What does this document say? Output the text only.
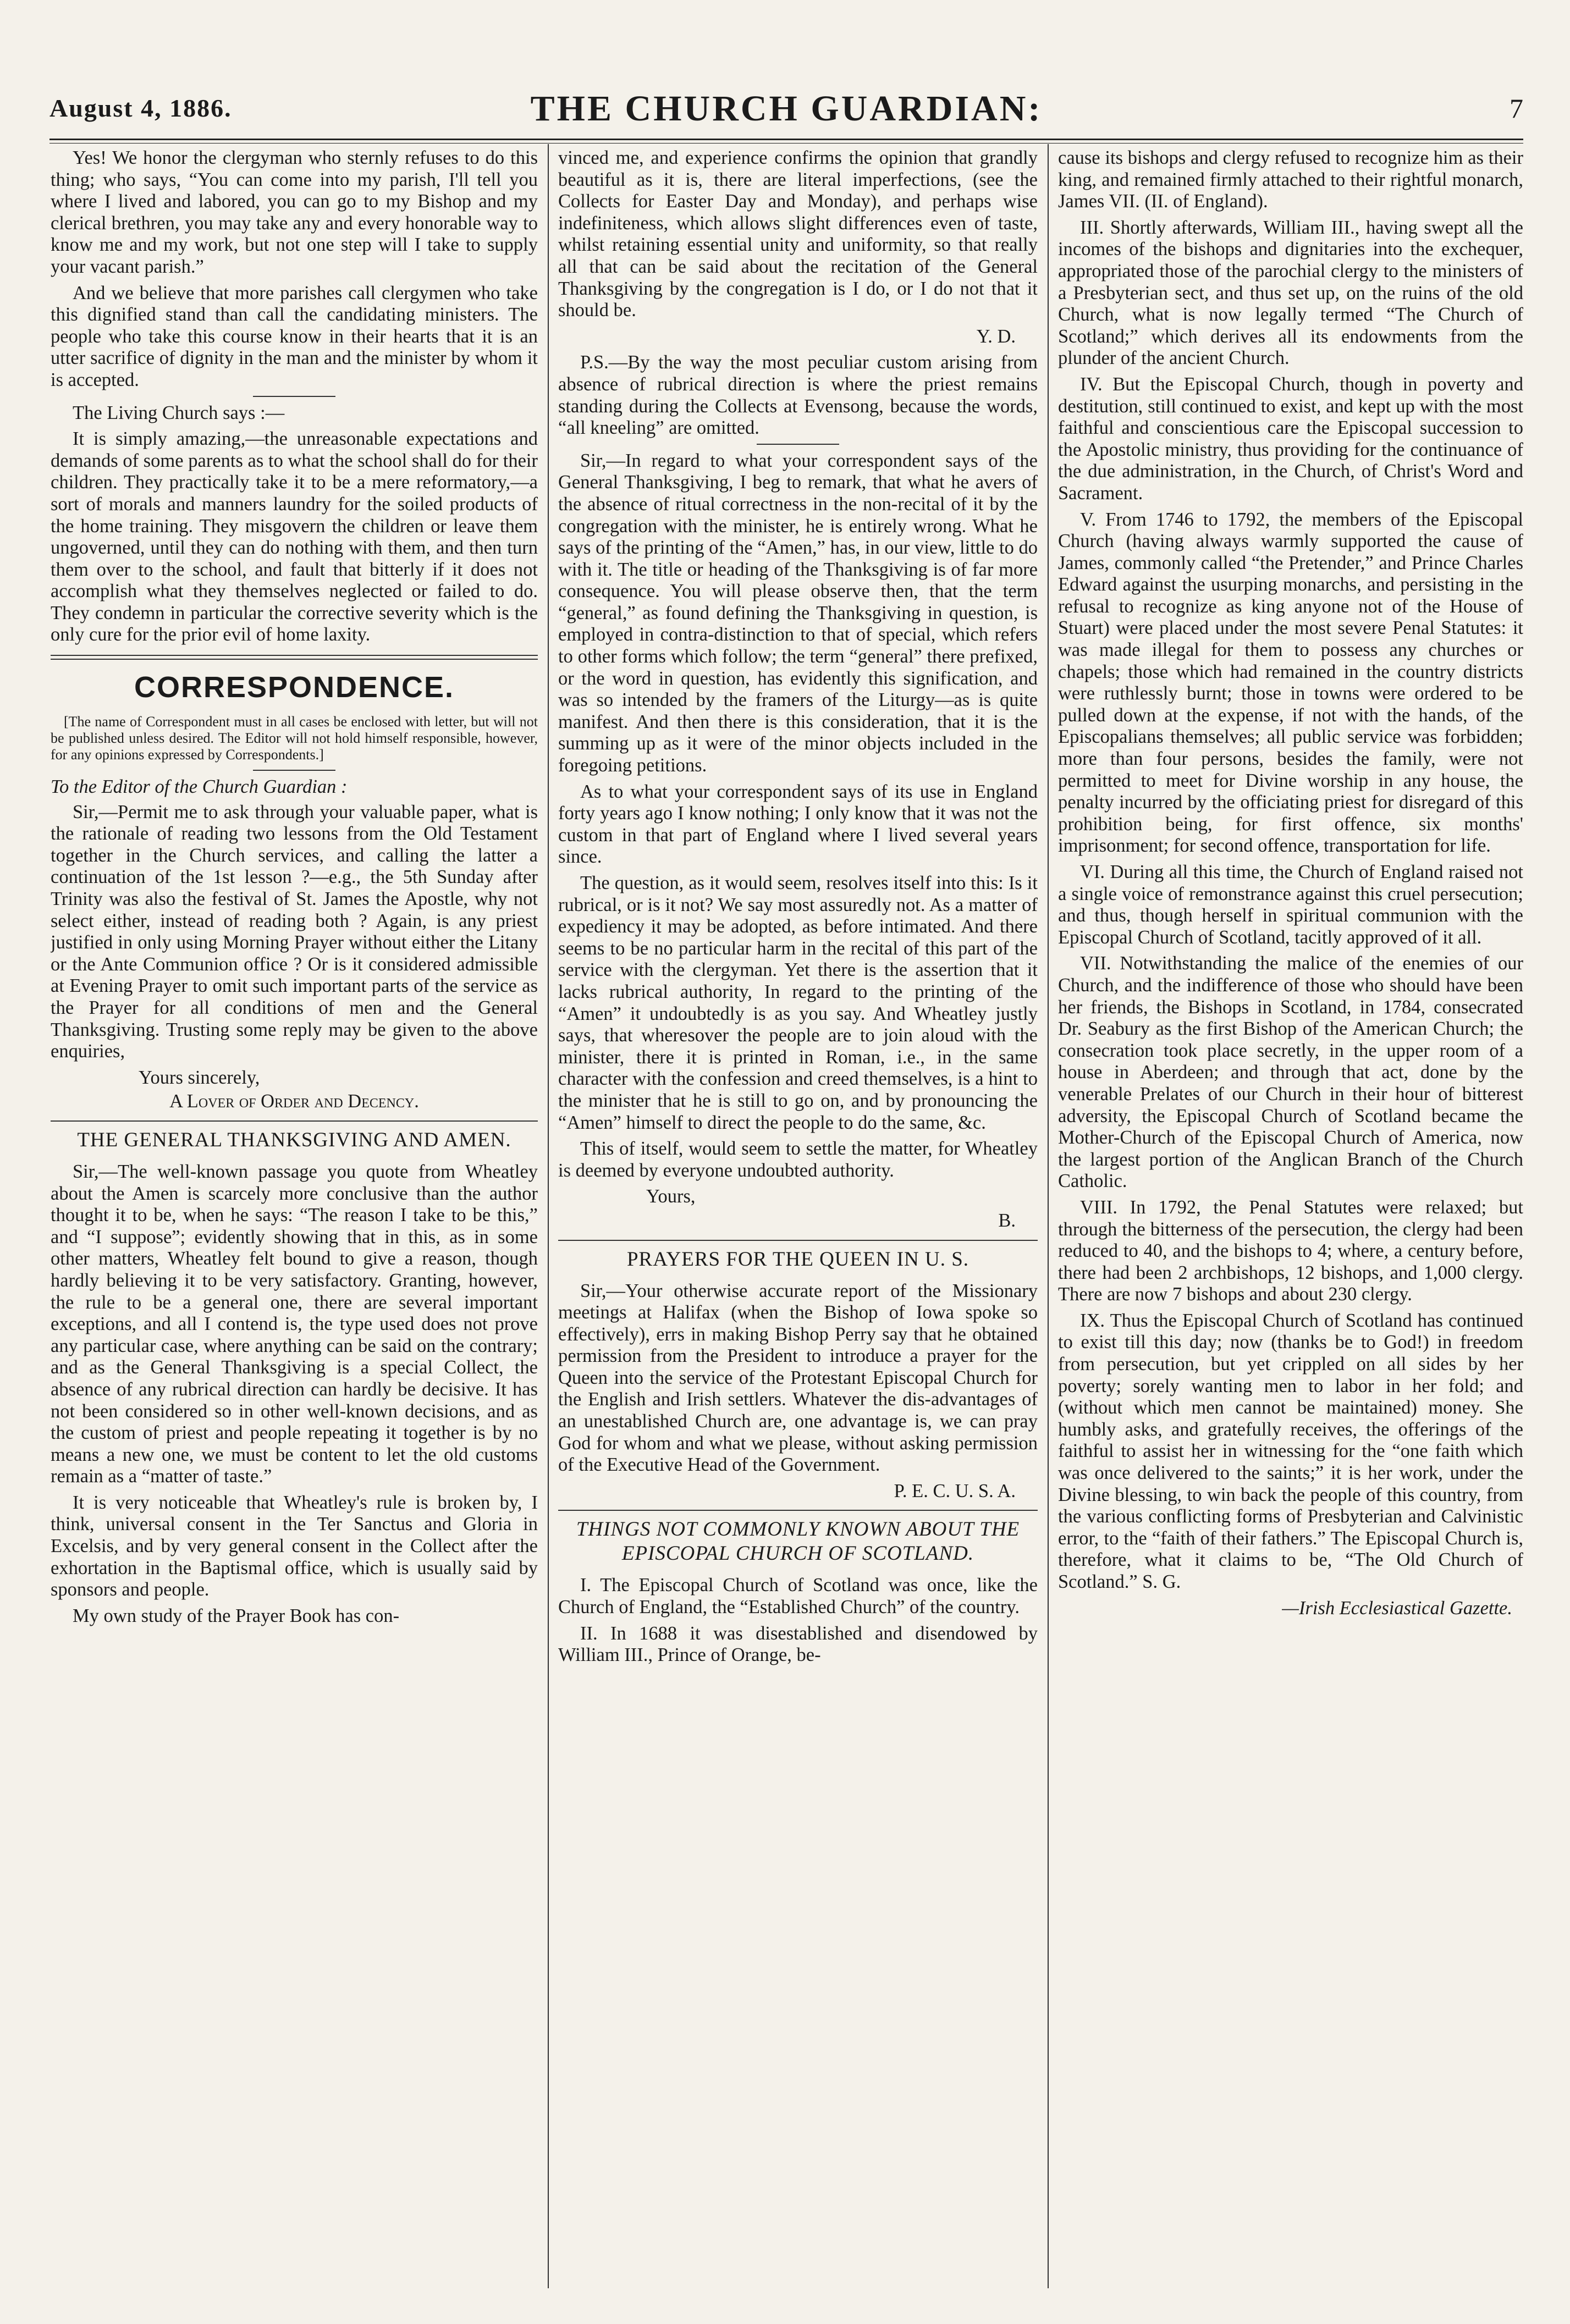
August 4, 1886.	THE CHURCH GUARDIAN:	7

Yes! We honor the clergyman who sternly refuses to do this thing; who says, “You can come into my parish, I'll tell you where I lived and labored, you can go to my Bishop and my clerical brethren, you may take any and every honorable way to know me and my work, but not one step will I take to supply your vacant parish.”

And we believe that more parishes call clergymen who take this dignified stand than call the candidating ministers. The people who take this course know in their hearts that it is an utter sacrifice of dignity in the man and the minister by whom it is accepted.

The Living Church says :—

It is simply amazing,—the unreasonable expectations and demands of some parents as to what the school shall do for their children. They practically take it to be a mere reformatory,—a sort of morals and manners laundry for the soiled products of the home training. They misgovern the children or leave them ungoverned, until they can do nothing with them, and then turn them over to the school, and fault that bitterly if it does not accomplish what they themselves neglected or failed to do. They condemn in particular the corrective severity which is the only cure for the prior evil of home laxity.

CORRESPONDENCE.

[The name of Correspondent must in all cases be enclosed with letter, but will not be published unless desired. The Editor will not hold himself responsible, however, for any opinions expressed by Correspondents.]

To the Editor of the Church Guardian :

Sir,—Permit me to ask through your valuable paper, what is the rationale of reading two lessons from the Old Testament together in the Church services, and calling the latter a continuation of the 1st lesson ?—e.g., the 5th Sunday after Trinity was also the festival of St. James the Apostle, why not select either, instead of reading both ? Again, is any priest justified in only using Morning Prayer without either the Litany or the Ante Communion office ? Or is it considered admissible at Evening Prayer to omit such important parts of the service as the Prayer for all conditions of men and the General Thanksgiving. Trusting some reply may be given to the above enquiries,

Yours sincerely,

A Lover of Order and Decency.

THE GENERAL THANKSGIVING AND AMEN.

Sir,—The well-known passage you quote from Wheatley about the Amen is scarcely more conclusive than the author thought it to be, when he says: “The reason I take to be this,” and “I suppose”; evidently showing that in this, as in some other matters, Wheatley felt bound to give a reason, though hardly believing it to be very satisfactory. Granting, however, the rule to be a general one, there are several important exceptions, and all I contend is, the type used does not prove any particular case, where anything can be said on the contrary; and as the General Thanksgiving is a special Collect, the absence of any rubrical direction can hardly be decisive. It has not been considered so in other well-known decisions, and as the custom of priest and people repeating it together is by no means a new one, we must be content to let the old customs remain as a “matter of taste.”

It is very noticeable that Wheatley's rule is broken by, I think, universal consent in the Ter Sanctus and Gloria in Excelsis, and by very general consent in the Collect after the exhortation in the Baptismal office, which is usually said by sponsors and people.

My own study of the Prayer Book has con-

vinced me, and experience confirms the opinion that grandly beautiful as it is, there are literal imperfections, (see the Collects for Easter Day and Monday), and perhaps wise indefiniteness, which allows slight differences even of taste, whilst retaining essential unity and uniformity, so that really all that can be said about the recitation of the General Thanksgiving by the congregation is I do, or I do not that it should be.

Y. D.

P.S.—By the way the most peculiar custom arising from absence of rubrical direction is where the priest remains standing during the Collects at Evensong, because the words, “all kneeling” are omitted.

Sir,—In regard to what your correspondent says of the General Thanksgiving, I beg to remark, that what he avers of the absence of ritual correctness in the non-recital of it by the congregation with the minister, he is entirely wrong. What he says of the printing of the “Amen,” has, in our view, little to do with it. The title or heading of the Thanksgiving is of far more consequence. You will please observe then, that the term “general,” as found defining the Thanksgiving in question, is employed in contra-distinction to that of special, which refers to other forms which follow; the term “general” there prefixed, or the word in question, has evidently this signification, and was so intended by the framers of the Liturgy—as is quite manifest. And then there is this consideration, that it is the summing up as it were of the minor objects included in the foregoing petitions.

As to what your correspondent says of its use in England forty years ago I know nothing; I only know that it was not the custom in that part of England where I lived several years since.

The question, as it would seem, resolves itself into this: Is it rubrical, or is it not? We say most assuredly not. As a matter of expediency it may be adopted, as before intimated. And there seems to be no particular harm in the recital of this part of the service with the clergyman. Yet there is the assertion that it lacks rubrical authority, In regard to the printing of the “Amen” it undoubtedly is as you say. And Wheatley justly says, that wheresover the people are to join aloud with the minister, there it is printed in Roman, i.e., in the same character with the confession and creed themselves, is a hint to the minister that he is still to go on, and by pronouncing the “Amen” himself to direct the people to do the same, &c.

This of itself, would seem to settle the matter, for Wheatley is deemed by everyone undoubted authority.

Yours,

B.

PRAYERS FOR THE QUEEN IN U. S.

Sir,—Your otherwise accurate report of the Missionary meetings at Halifax (when the Bishop of Iowa spoke so effectively), errs in making Bishop Perry say that he obtained permission from the President to introduce a prayer for the Queen into the service of the Protestant Episcopal Church for the English and Irish settlers. Whatever the dis-advantages of an unestablished Church are, one advantage is, we can pray God for whom and what we please, without asking permission of the Executive Head of the Government.

P. E. C. U. S. A.

THINGS NOT COMMONLY KNOWN ABOUT THE EPISCOPAL CHURCH OF SCOTLAND.

I. The Episcopal Church of Scotland was once, like the Church of England, the “Established Church” of the country.

II. In 1688 it was disestablished and disendowed by William III., Prince of Orange, be-

cause its bishops and clergy refused to recognize him as their king, and remained firmly attached to their rightful monarch, James VII. (II. of England).

III. Shortly afterwards, William III., having swept all the incomes of the bishops and dignitaries into the exchequer, appropriated those of the parochial clergy to the ministers of a Presbyterian sect, and thus set up, on the ruins of the old Church, what is now legally termed “The Church of Scotland;” which derives all its endowments from the plunder of the ancient Church.

IV. But the Episcopal Church, though in poverty and destitution, still continued to exist, and kept up with the most faithful and conscientious care the Episcopal succession to the Apostolic ministry, thus providing for the continuance of the due administration, in the Church, of Christ's Word and Sacrament.

V. From 1746 to 1792, the members of the Episcopal Church (having always warmly supported the cause of James, commonly called “the Pretender,” and Prince Charles Edward against the usurping monarchs, and persisting in the refusal to recognize as king anyone not of the House of Stuart) were placed under the most severe Penal Statutes: it was made illegal for them to possess any churches or chapels; those which had remained in the country districts were ruthlessly burnt; those in towns were ordered to be pulled down at the expense, if not with the hands, of the Episcopalians themselves; all public service was forbidden; more than four persons, besides the family, were not permitted to meet for Divine worship in any house, the penalty incurred by the officiating priest for disregard of this prohibition being, for first offence, six months' imprisonment; for second offence, transportation for life.

VI. During all this time, the Church of England raised not a single voice of remonstrance against this cruel persecution; and thus, though herself in spiritual communion with the Episcopal Church of Scotland, tacitly approved of it all.

VII. Notwithstanding the malice of the enemies of our Church, and the indifference of those who should have been her friends, the Bishops in Scotland, in 1784, consecrated Dr. Seabury as the first Bishop of the American Church; the consecration took place secretly, in the upper room of a house in Aberdeen; and through that act, done by the venerable Prelates of our Church in their hour of bitterest adversity, the Episcopal Church of Scotland became the Mother-Church of the Episcopal Church of America, now the largest portion of the Anglican Branch of the Church Catholic.

VIII. In 1792, the Penal Statutes were relaxed; but through the bitterness of the persecution, the clergy had been reduced to 40, and the bishops to 4; where, a century before, there had been 2 archbishops, 12 bishops, and 1,000 clergy. There are now 7 bishops and about 230 clergy.

IX. Thus the Episcopal Church of Scotland has continued to exist till this day; now (thanks be to God!) in freedom from persecution, but yet crippled on all sides by her poverty; sorely wanting men to labor in her fold; and (without which men cannot be maintained) money. She humbly asks, and gratefully receives, the offerings of the faithful to assist her in witnessing for the “one faith which was once delivered to the saints;” it is her work, under the Divine blessing, to win back the people of this country, from the various conflicting forms of Presbyterian and Calvinistic error, to the “faith of their fathers.” The Episcopal Church is, therefore, what it claims to be, “The Old Church of Scotland.” S. G.

—Irish Ecclesiastical Gazette.
